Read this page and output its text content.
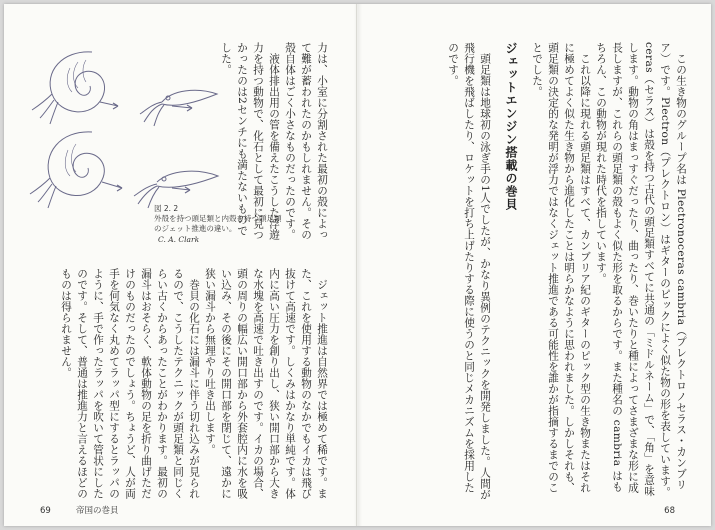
図 2. 2
外殻を持つ頭足類と内殻を持つ頭足類
のジェット推進の違い。
C. A. Clark	力は、小室に分割された最初の殻によって難が蓄われたのかもしれません。その殻自体はごく小さなものだったのです。

液体排出用の管を備えたこうした浮遊力を持つ動物で、化石として最初に見つかったのは2センチにも満たないものでした。

ジェット推進は自然界では極めて稀です。また、これを使用する動物のなかでもイカは飛び抜けて高速です。しくみはかなり単純です。体内に高い圧力を創り出し、狭い開口部から大きな水塊を高速で吐き出すのです。イカの場合、頭の周りの幅広い開口部から外套腔内に水を吸い込み、その後にその開口部を閉じて、遠かに狭い漏斗から無理やり吐き出します。

巻貝の化石には漏斗に伴う切れ込みが見られるので、こうしたテクニックが頭足類と同じくらい古くからあったことがわかります。最初の漏斗はおそらく、軟体動物の足を折り曲げただけのものだったのでしょう。ちょうど、人が両手を何気なく丸めてラッパ型にするとラッパのように、手で作ったラッパを吹いて管状にしたのです。そして、普通は推進力と言えるほどのものは得られません。

69	帝国の巻貝

この生き物のグループ名は Plectronoceras cambria（プレクトロノセラス・カンブリア）です。Plectron（プレクトロン）はギターのピックによく似た物の形を表しています。ceras（セラス）は殻を持つ古代の頭足類すべてに共通の「ミドルネーム」で、「角」を意味します。動物の角はまっすぐだったり、曲ったり、巻いたりと種によってさまざまな形に成長しますが、これらの頭足類の殻もよく似た形を取るからです。また種名の cambria はもちろん、この動物が現れた時代を指しています。

これ以降に現れる頭足類はすべて、カンブリア紀のギターのピック型の生き物またはそれに極めてよく似た生き物から進化したことは明らかなように思われました。しかしそれも、頭足類の決定的な発明が浮力ではなくジェット推進である可能性を誰かが指摘するまでのことでした。

ジェットエンジン搭載の巻貝

頭足類は地球初の泳ぎ手の1人でしたが、かなり異例のテクニックを開発しました。人間が飛行機を飛ばしたり、ロケットを打ち上げたりする際に使うのと同じメカニズムを採用したのです。

68
